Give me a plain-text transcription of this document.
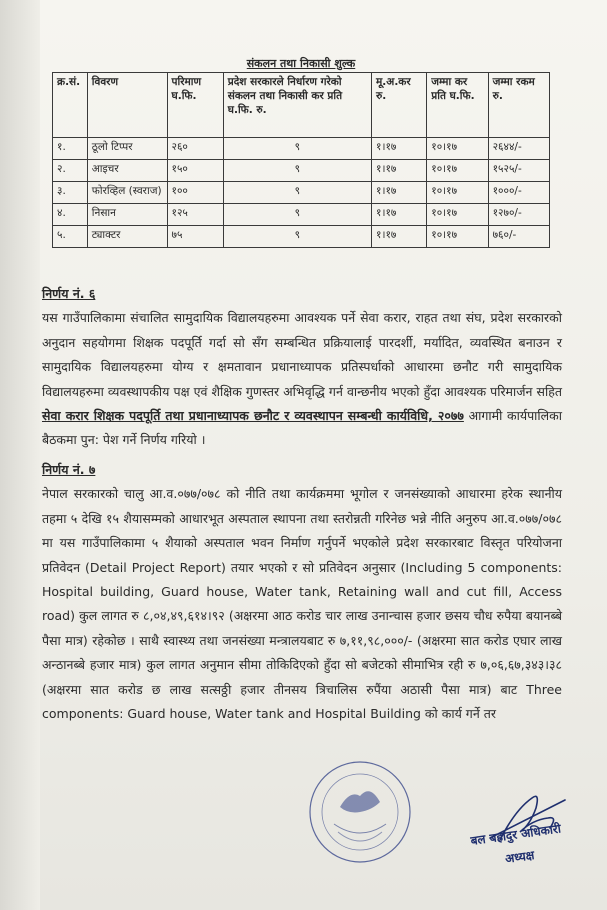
संकलन तथा निकासी शुल्क
क्र.सं.	विवरण	परिमाण घ.फि.	प्रदेश सरकारले निर्धारण गरेको संकलन तथा निकासी कर प्रति घ.फि. रु.	मू.अ.कर रु.	जम्मा कर प्रति घ.फि.	जम्मा रकम रु.
१.	ठूलो टिप्पर	२६०	९	१।१७	१०।१७	२६४४/-
२.	आइचर	१५०	९	१।१७	१०।१७	१५२५/-
३.	फोरव्हिल (स्वराज)	१००	९	१।१७	१०।१७	१०००/-
४.	निसान	१२५	९	१।१७	१०।१७	१२७०/-
५.	ट्याक्टर	७५	९	१।१७	१०।१७	७६०/-
निर्णय नं. ६
यस गाउँपालिकामा संचालित सामुदायिक विद्यालयहरुमा आवश्यक पर्ने सेवा करार, राहत तथा संघ, प्रदेश सरकारको अनुदान सहयोगमा शिक्षक पदपूर्ति गर्दा सो सँग सम्बन्धित प्रक्रियालाई पारदर्शी, मर्यादित, व्यवस्थित बनाउन र सामुदायिक विद्यालयहरुमा योग्य र क्षमतावान प्रधानाध्यापक प्रतिस्पर्धाको आधारमा छनौट गरी सामुदायिक विद्यालयहरुमा व्यवस्थापकीय पक्ष एवं शैक्षिक गुणस्तर अभिवृद्धि गर्न वान्छनीय भएको हुँदा आवश्यक परिमार्जन सहित सेवा करार शिक्षक पदपूर्ति तथा प्रधानाध्यापक छनौट र व्यवस्थापन सम्बन्धी कार्यविधि, २०७७ आगामी कार्यपालिका बैठकमा पुन: पेश गर्ने निर्णय गरियो ।
निर्णय नं. ७
नेपाल सरकारको चालु आ.व.०७७/०७८ को नीति तथा कार्यक्रममा भूगोल र जनसंख्याको आधारमा हरेक स्थानीय तहमा ५ देखि १५ शैयासम्मको आधारभूत अस्पताल स्थापना तथा स्तरोन्नती गरिनेछ भन्ने नीति अनुरुप आ.व.०७७/०७८ मा यस गाउँपालिकामा ५ शैयाको अस्पताल भवन निर्माण गर्नुपर्ने भएकोले प्रदेश सरकारबाट विस्तृत परियोजना प्रतिवेदन (Detail Project Report) तयार भएको र सो प्रतिवेदन अनुसार (Including 5 components: Hospital building, Guard house, Water tank, Retaining wall and cut fill, Access road) कुल लागत रु ८,०४,४९,६१४।९२ (अक्षरमा आठ करोड चार लाख उनान्चास हजार छसय चौध रुपैया बयानब्बे पैसा मात्र) रहेकोछ । साथै स्वास्थ्य तथा जनसंख्या मन्त्रालयबाट रु ७,११,९८,०००/- (अक्षरमा सात करोड एघार लाख अन्ठानब्बे हजार मात्र) कुल लागत अनुमान सीमा तोकिदिएको हुँदा सो बजेटको सीमाभित्र रही रु ७,०६,६७,३४३।३८ (अक्षरमा सात करोड छ लाख सत्सठ्ठी हजार तीनसय त्रिचालिस रुपैंया अठासी पैसा मात्र) बाट Three components: Guard house, Water tank and Hospital Building को कार्य गर्ने तर
बल बहादुर अधिकारी
अध्यक्ष
